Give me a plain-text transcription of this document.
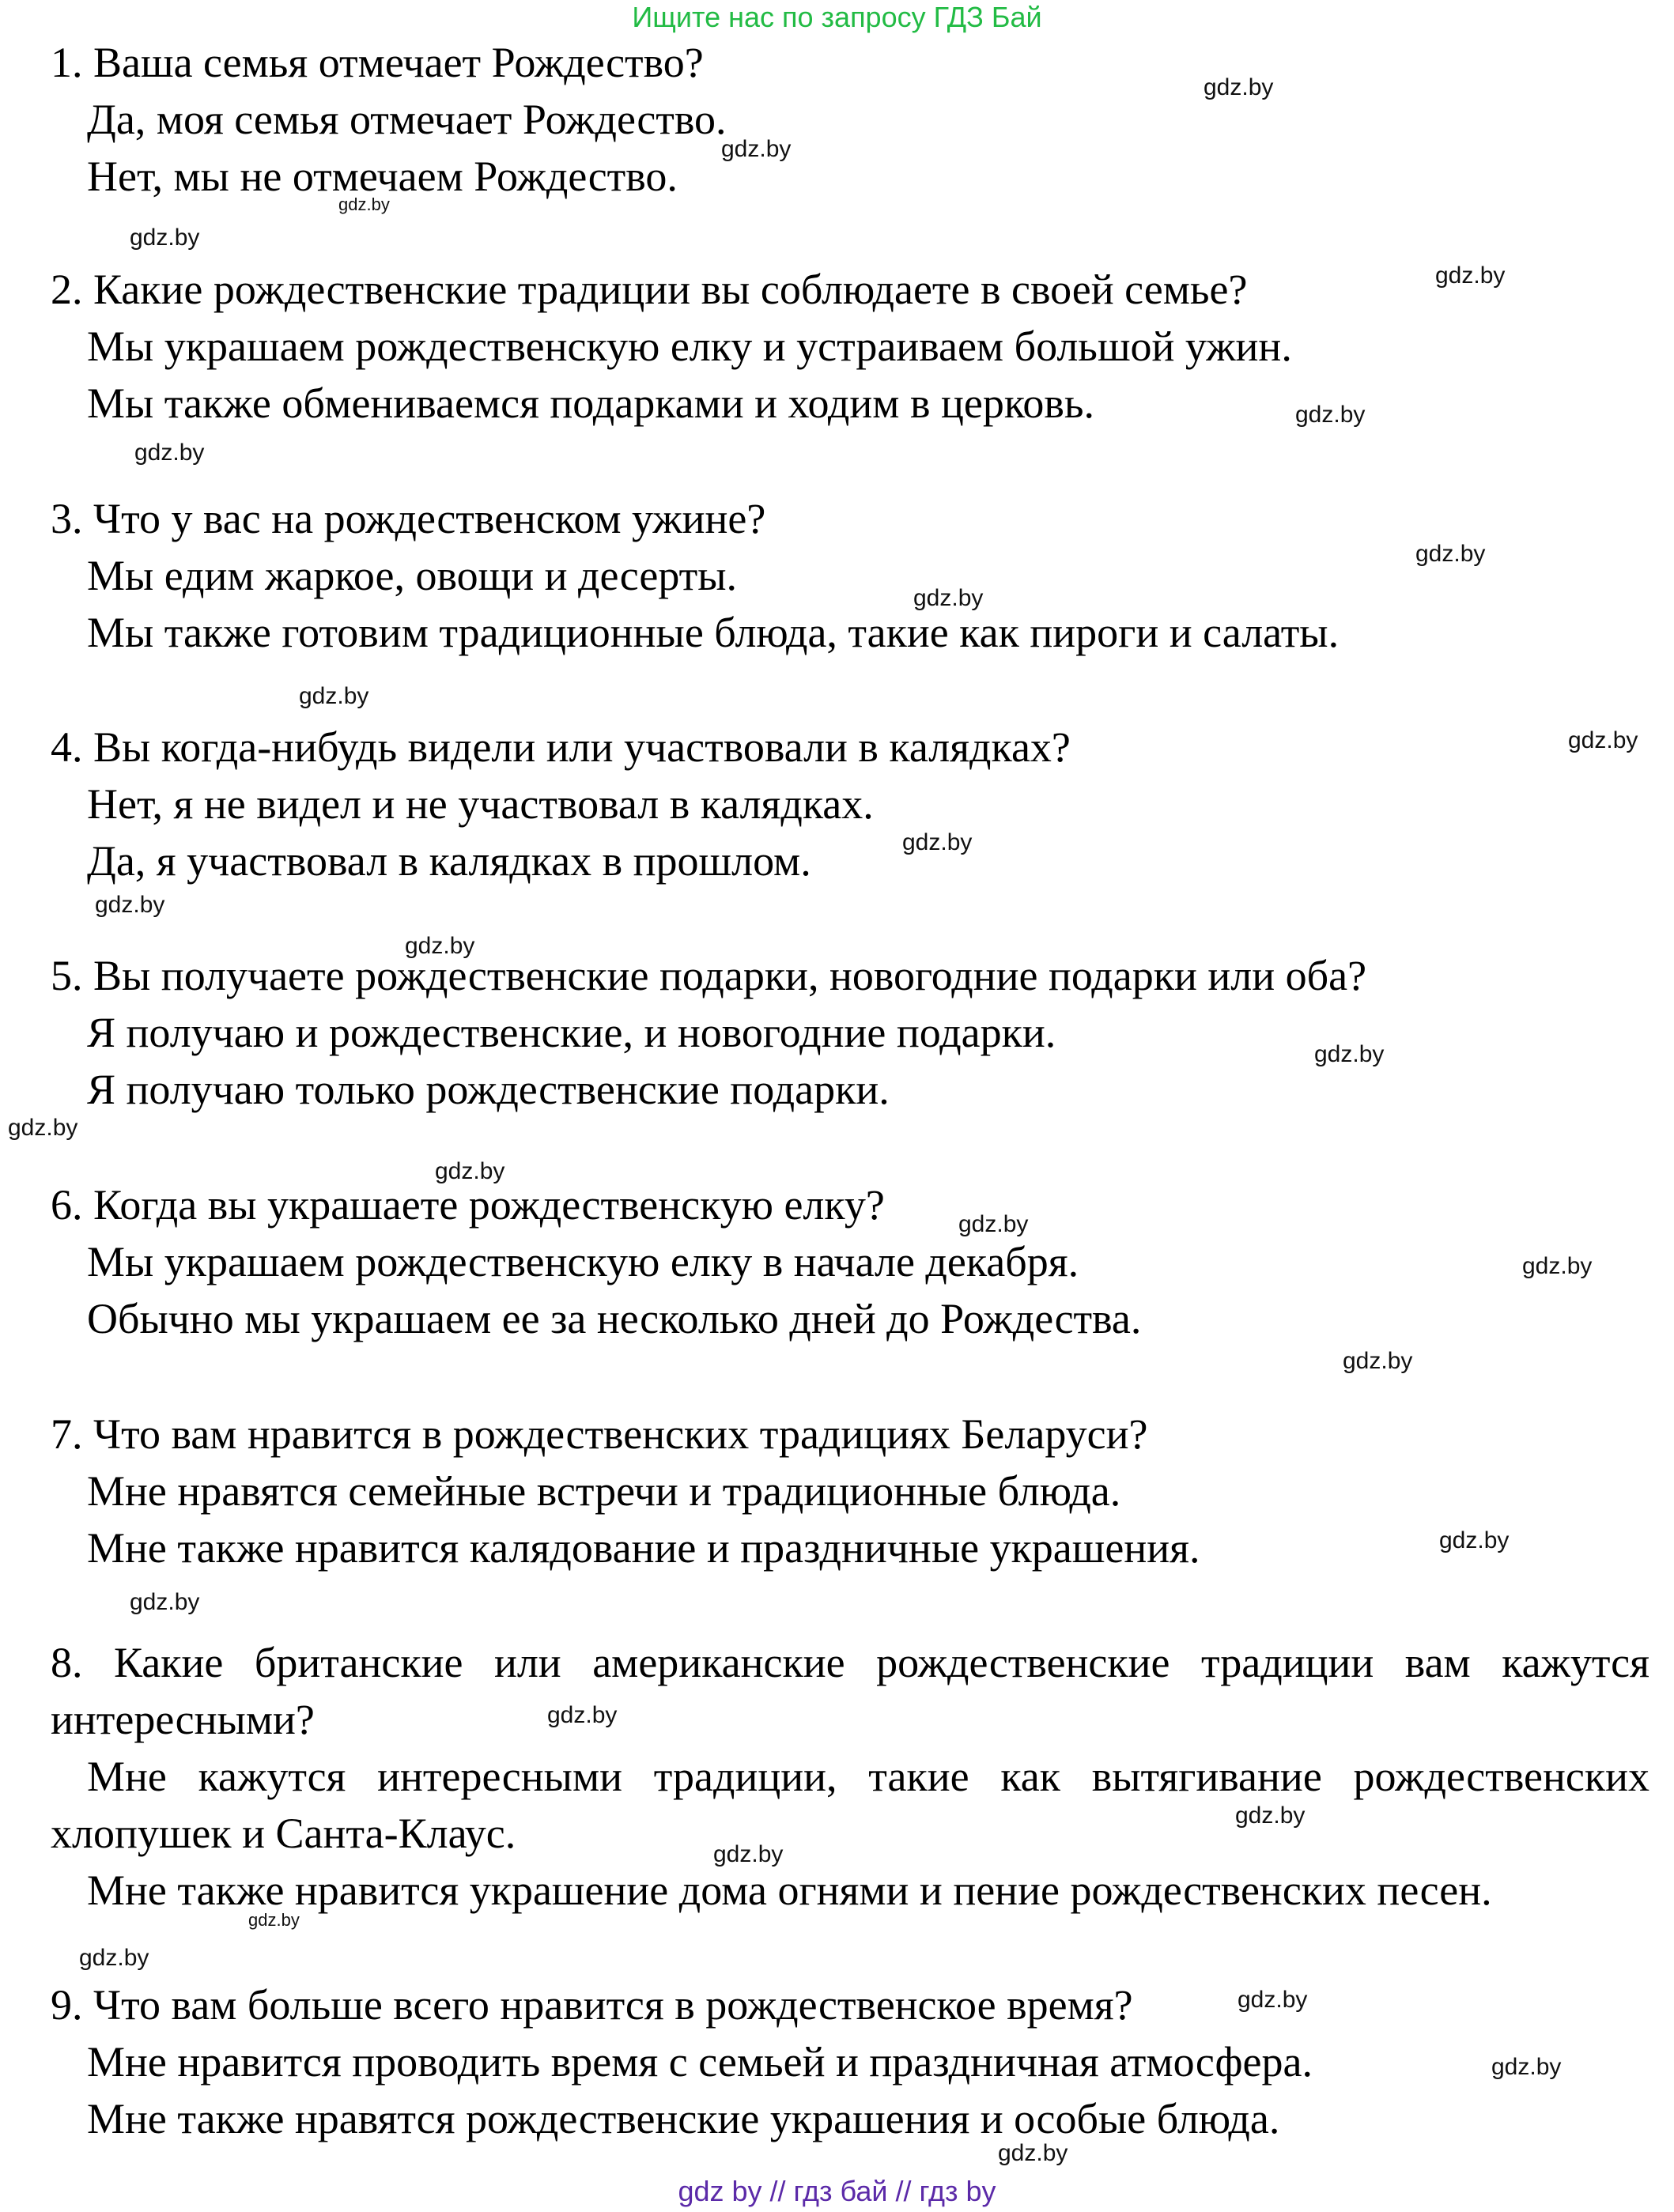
Ищите нас по запросу ГДЗ Бай
1. Ваша семья отмечает Рождество?
Да, моя семья отмечает Рождество.
Нет, мы не отмечаем Рождество.
2. Какие рождественские традиции вы соблюдаете в своей семье?
Мы украшаем рождественскую елку и устраиваем большой ужин.
Мы также обмениваемся подарками и ходим в церковь.
3. Что у вас на рождественском ужине?
Мы едим жаркое, овощи и десерты.
Мы также готовим традиционные блюда, такие как пироги и салаты.
4. Вы когда-нибудь видели или участвовали в калядках?
Нет, я не видел и не участвовал в калядках.
Да, я участвовал в калядках в прошлом.
5. Вы получаете рождественские подарки, новогодние подарки или оба?
Я получаю и рождественские, и новогодние подарки.
Я получаю только рождественские подарки.
6. Когда вы украшаете рождественскую елку?
Мы украшаем рождественскую елку в начале декабря.
Обычно мы украшаем ее за несколько дней до Рождества.
7. Что вам нравится в рождественских традициях Беларуси?
Мне нравятся семейные встречи и традиционные блюда.
Мне также нравится калядование и праздничные украшения.
8. Какие британские или американские рождественские традиции вам кажутся
интересными?
Мне кажутся интересными традиции, такие как вытягивание рождественских
хлопушек и Санта-Клаус.
Мне также нравится украшение дома огнями и пение рождественских песен.
9. Что вам больше всего нравится в рождественское время?
Мне нравится проводить время с семьей и праздничная атмосфера.
Мне также нравятся рождественские украшения и особые блюда.
gdz.by
gdz.by
gdz.by
gdz.by
gdz.by
gdz.by
gdz.by
gdz.by
gdz.by
gdz.by
gdz.by
gdz.by
gdz.by
gdz.by
gdz.by
gdz.by
gdz.by
gdz.by
gdz.by
gdz.by
gdz.by
gdz.by
gdz.by
gdz.by
gdz.by
gdz.by
gdz.by
gdz.by
gdz.by
gdz.by
gdz by // гдз бай // гдз by
